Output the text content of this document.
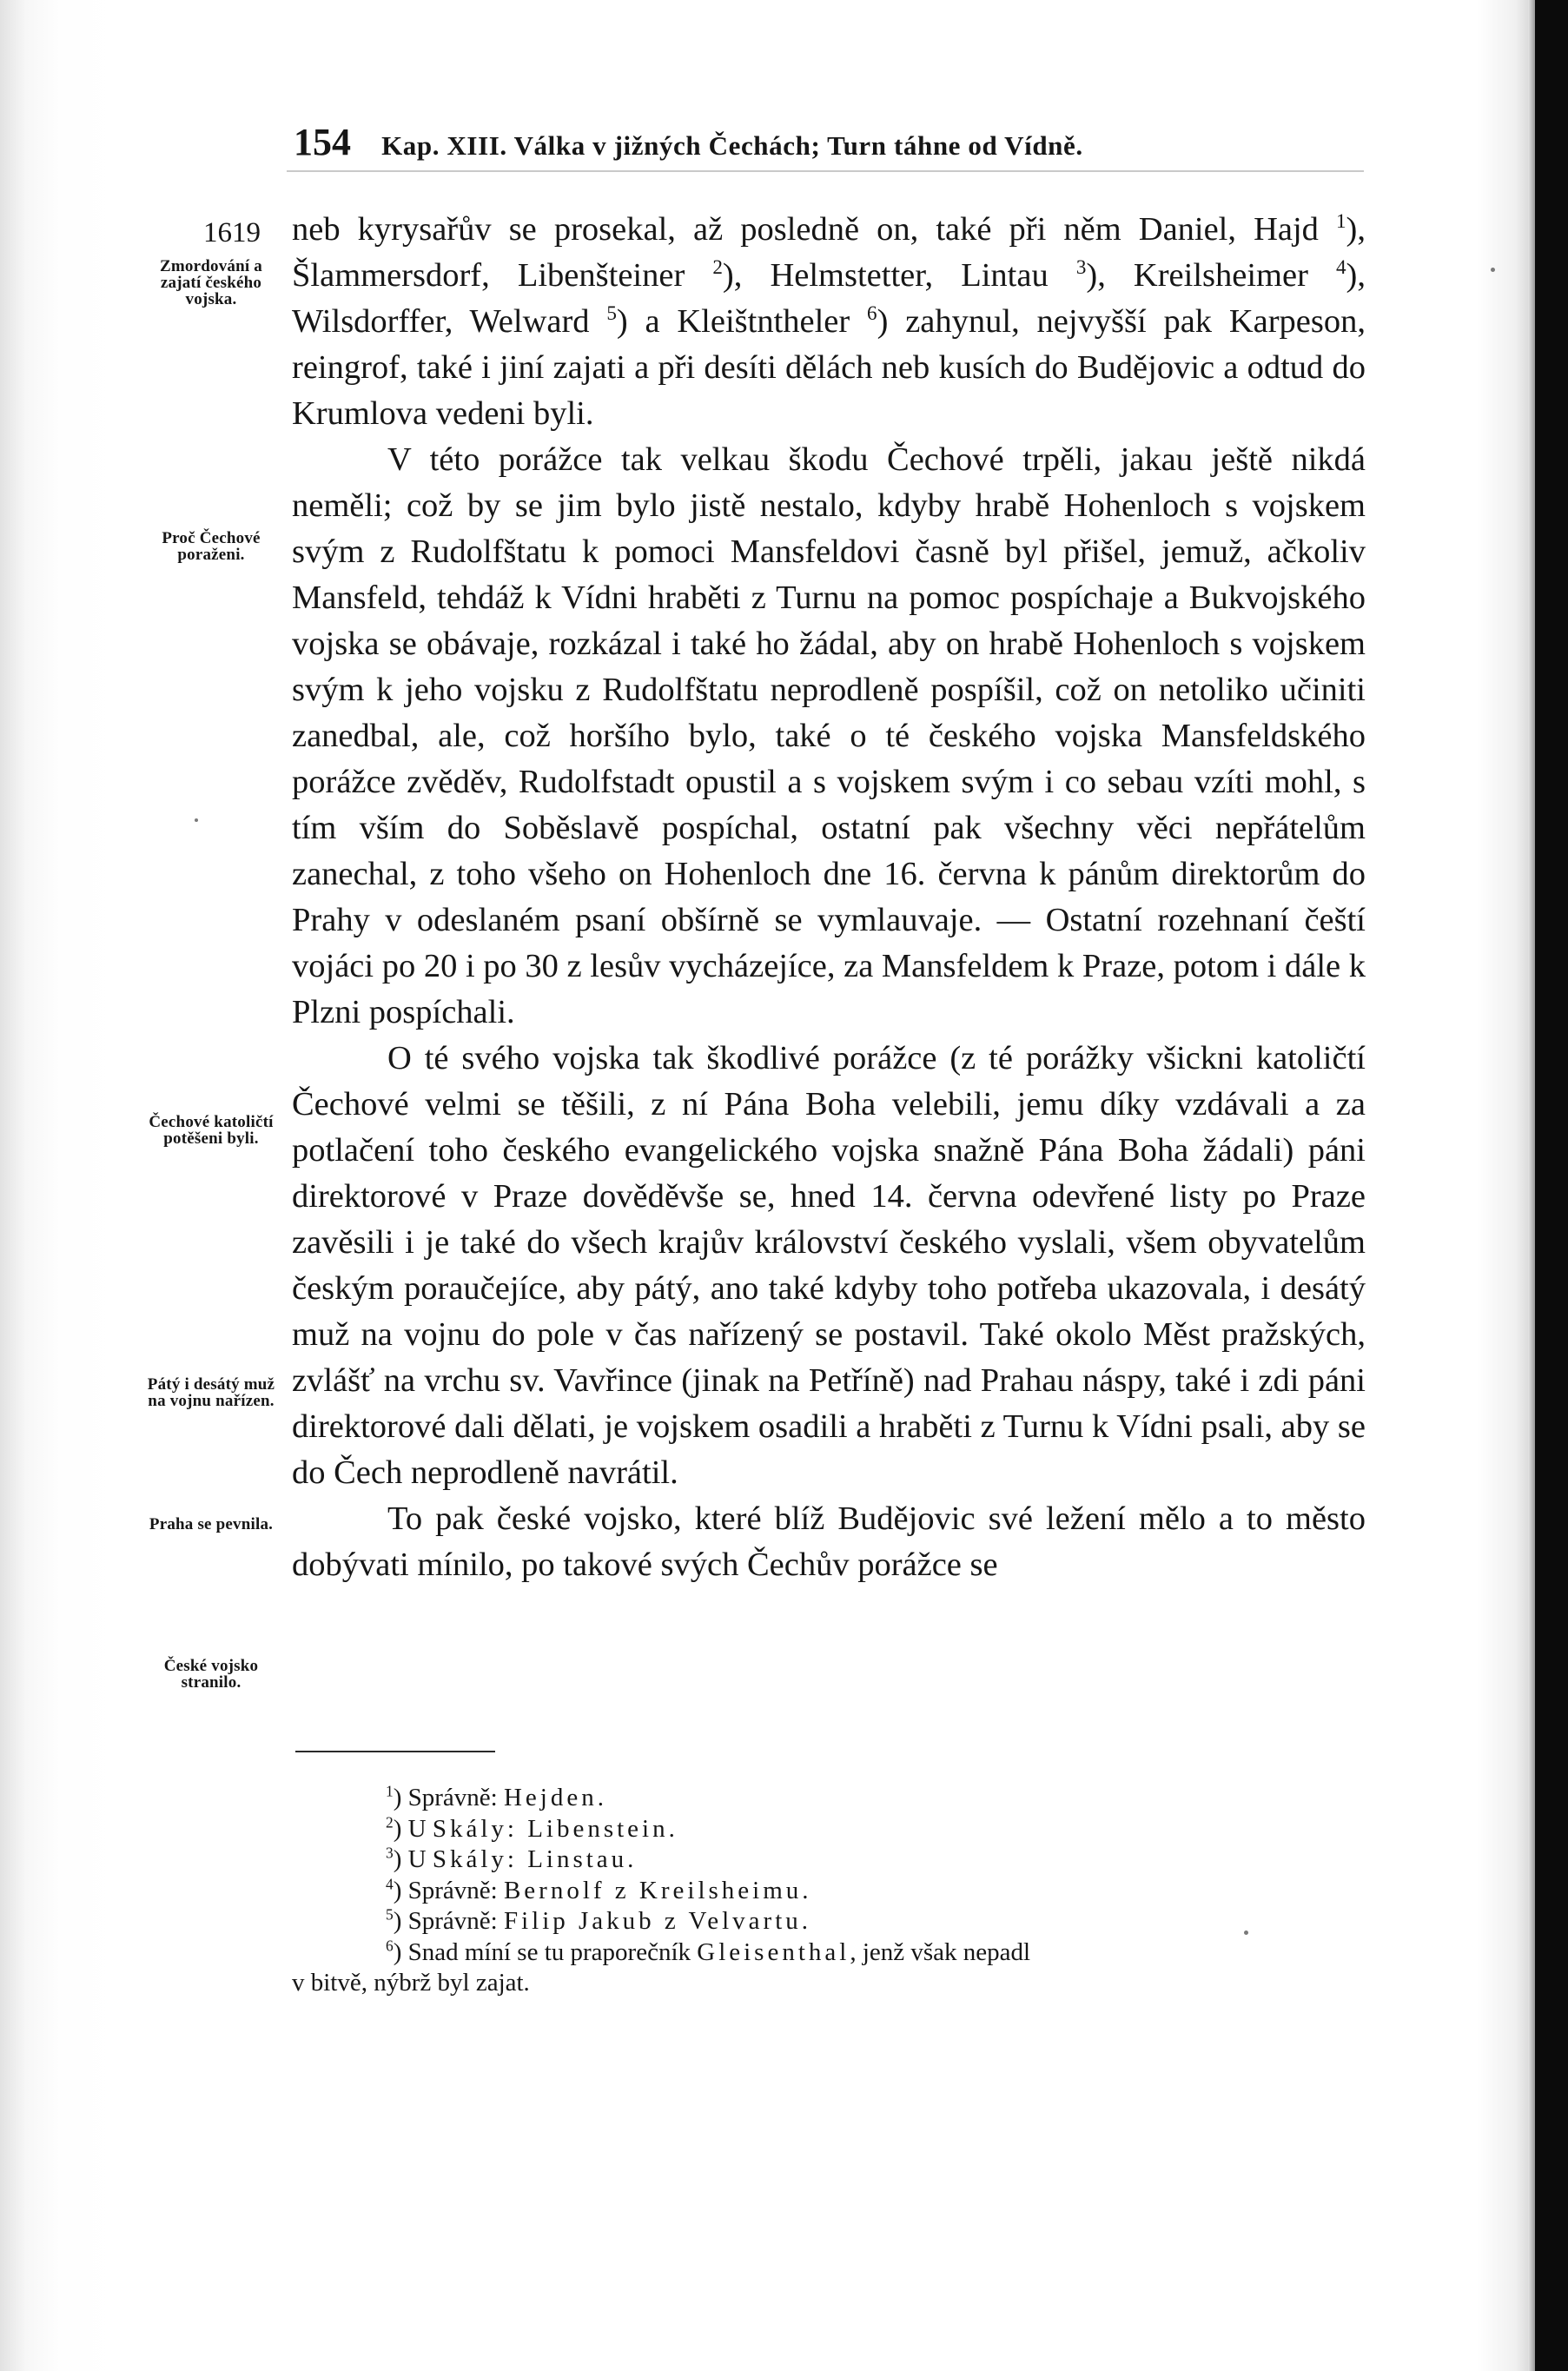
154 Kap. XIII. Válka v jižných Čechách; Turn táhne od Vídně.
1619
Zmordování a zajatí českého vojska.
Proč Čechové poraženi.
Čechové katoličtí potěšeni byli.
Pátý i desátý muž na vojnu nařízen.
Praha se pevnila.
České vojsko stranilo.

neb kyrysařův se prosekal, až posledně on, také při něm Daniel, Hajd $^1$), Šlammersdorf, Libenšteiner $^2$), Helmstetter, Lintau $^3$), Kreilsheimer $^4$), Wilsdorffer, Welward $^5$) a Kleištntheler $^6$) zahynul, nejvyšší pak Karpeson, reingrof, také i jiní zajati a při desíti dělách neb kusích do Budějovic a odtud do Krumlova vedeni byli.

V této porážce tak velkau škodu Čechové trpěli, jakau ještě nikdá neměli; což by se jim bylo jistě nestalo, kdyby hrabě Hohenloch s vojskem svým z Rudolfštatu k pomoci Mansfeldovi časně byl přišel, jemuž, ačkoliv Mansfeld, tehdáž k Vídni hraběti z Turnu na pomoc pospíchaje a Bukvojského vojska se obávaje, rozkázal i také ho žádal, aby on hrabě Hohenloch s vojskem svým k jeho vojsku z Rudolfštatu neprodleně pospíšil, což on netoliko učiniti zanedbal, ale, což horšího bylo, také o té českého vojska Mansfeldského porážce zvěděv, Rudolfstadt opustil a s vojskem svým i co sebau vzíti mohl, s tím vším do Soběslavě pospíchal, ostatní pak všechny věci nepřátelům zanechal, z toho všeho on Hohenloch dne 16. června k pánům direktorům do Prahy v odeslaném psaní obšírně se vymlauvaje. — Ostatní rozehnaní čeští vojáci po 20 i po 30 z lesův vycházejíce, za Mansfeldem k Praze, potom i dále k Plzni pospíchali.

O té svého vojska tak škodlivé porážce (z té porážky všickni katoličtí Čechové velmi se těšili, z ní Pána Boha velebili, jemu díky vzdávali a za potlačení toho českého evangelického vojska snažně Pána Boha žádali) páni direktorové v Praze dověděvše se, hned 14. června odevřené listy po Praze zavěsili i je také do všech krajův království českého vyslali, všem obyvatelům českým poraučejíce, aby pátý, ano také kdyby toho potřeba ukazovala, i desátý muž na vojnu do pole v čas nařízený se postavil. Také okolo Měst pražských, zvlášť na vrchu sv. Vavřince (jinak na Petříně) nad Prahau náspy, také i zdi páni direktorové dali dělati, je vojskem osadili a hraběti z Turnu k Vídni psali, aby se do Čech neprodleně navrátil.

To pak české vojsko, které blíž Budějovic své ležení mělo a to město dobývati mínilo, po takové svých Čechův porážce se

$^1$) Správně: Hejden.

$^2$) U Skály: Libenstein.

$^3$) U Skály: Linstau.

$^4$) Správně: Bernolf z Kreilsheimu.

$^5$) Správně: Filip Jakub z Velvartu.

$^6$) Snad míní se tu praporečník Gleisenthal, jenž však nepadl

v bitvě, nýbrž byl zajat.
